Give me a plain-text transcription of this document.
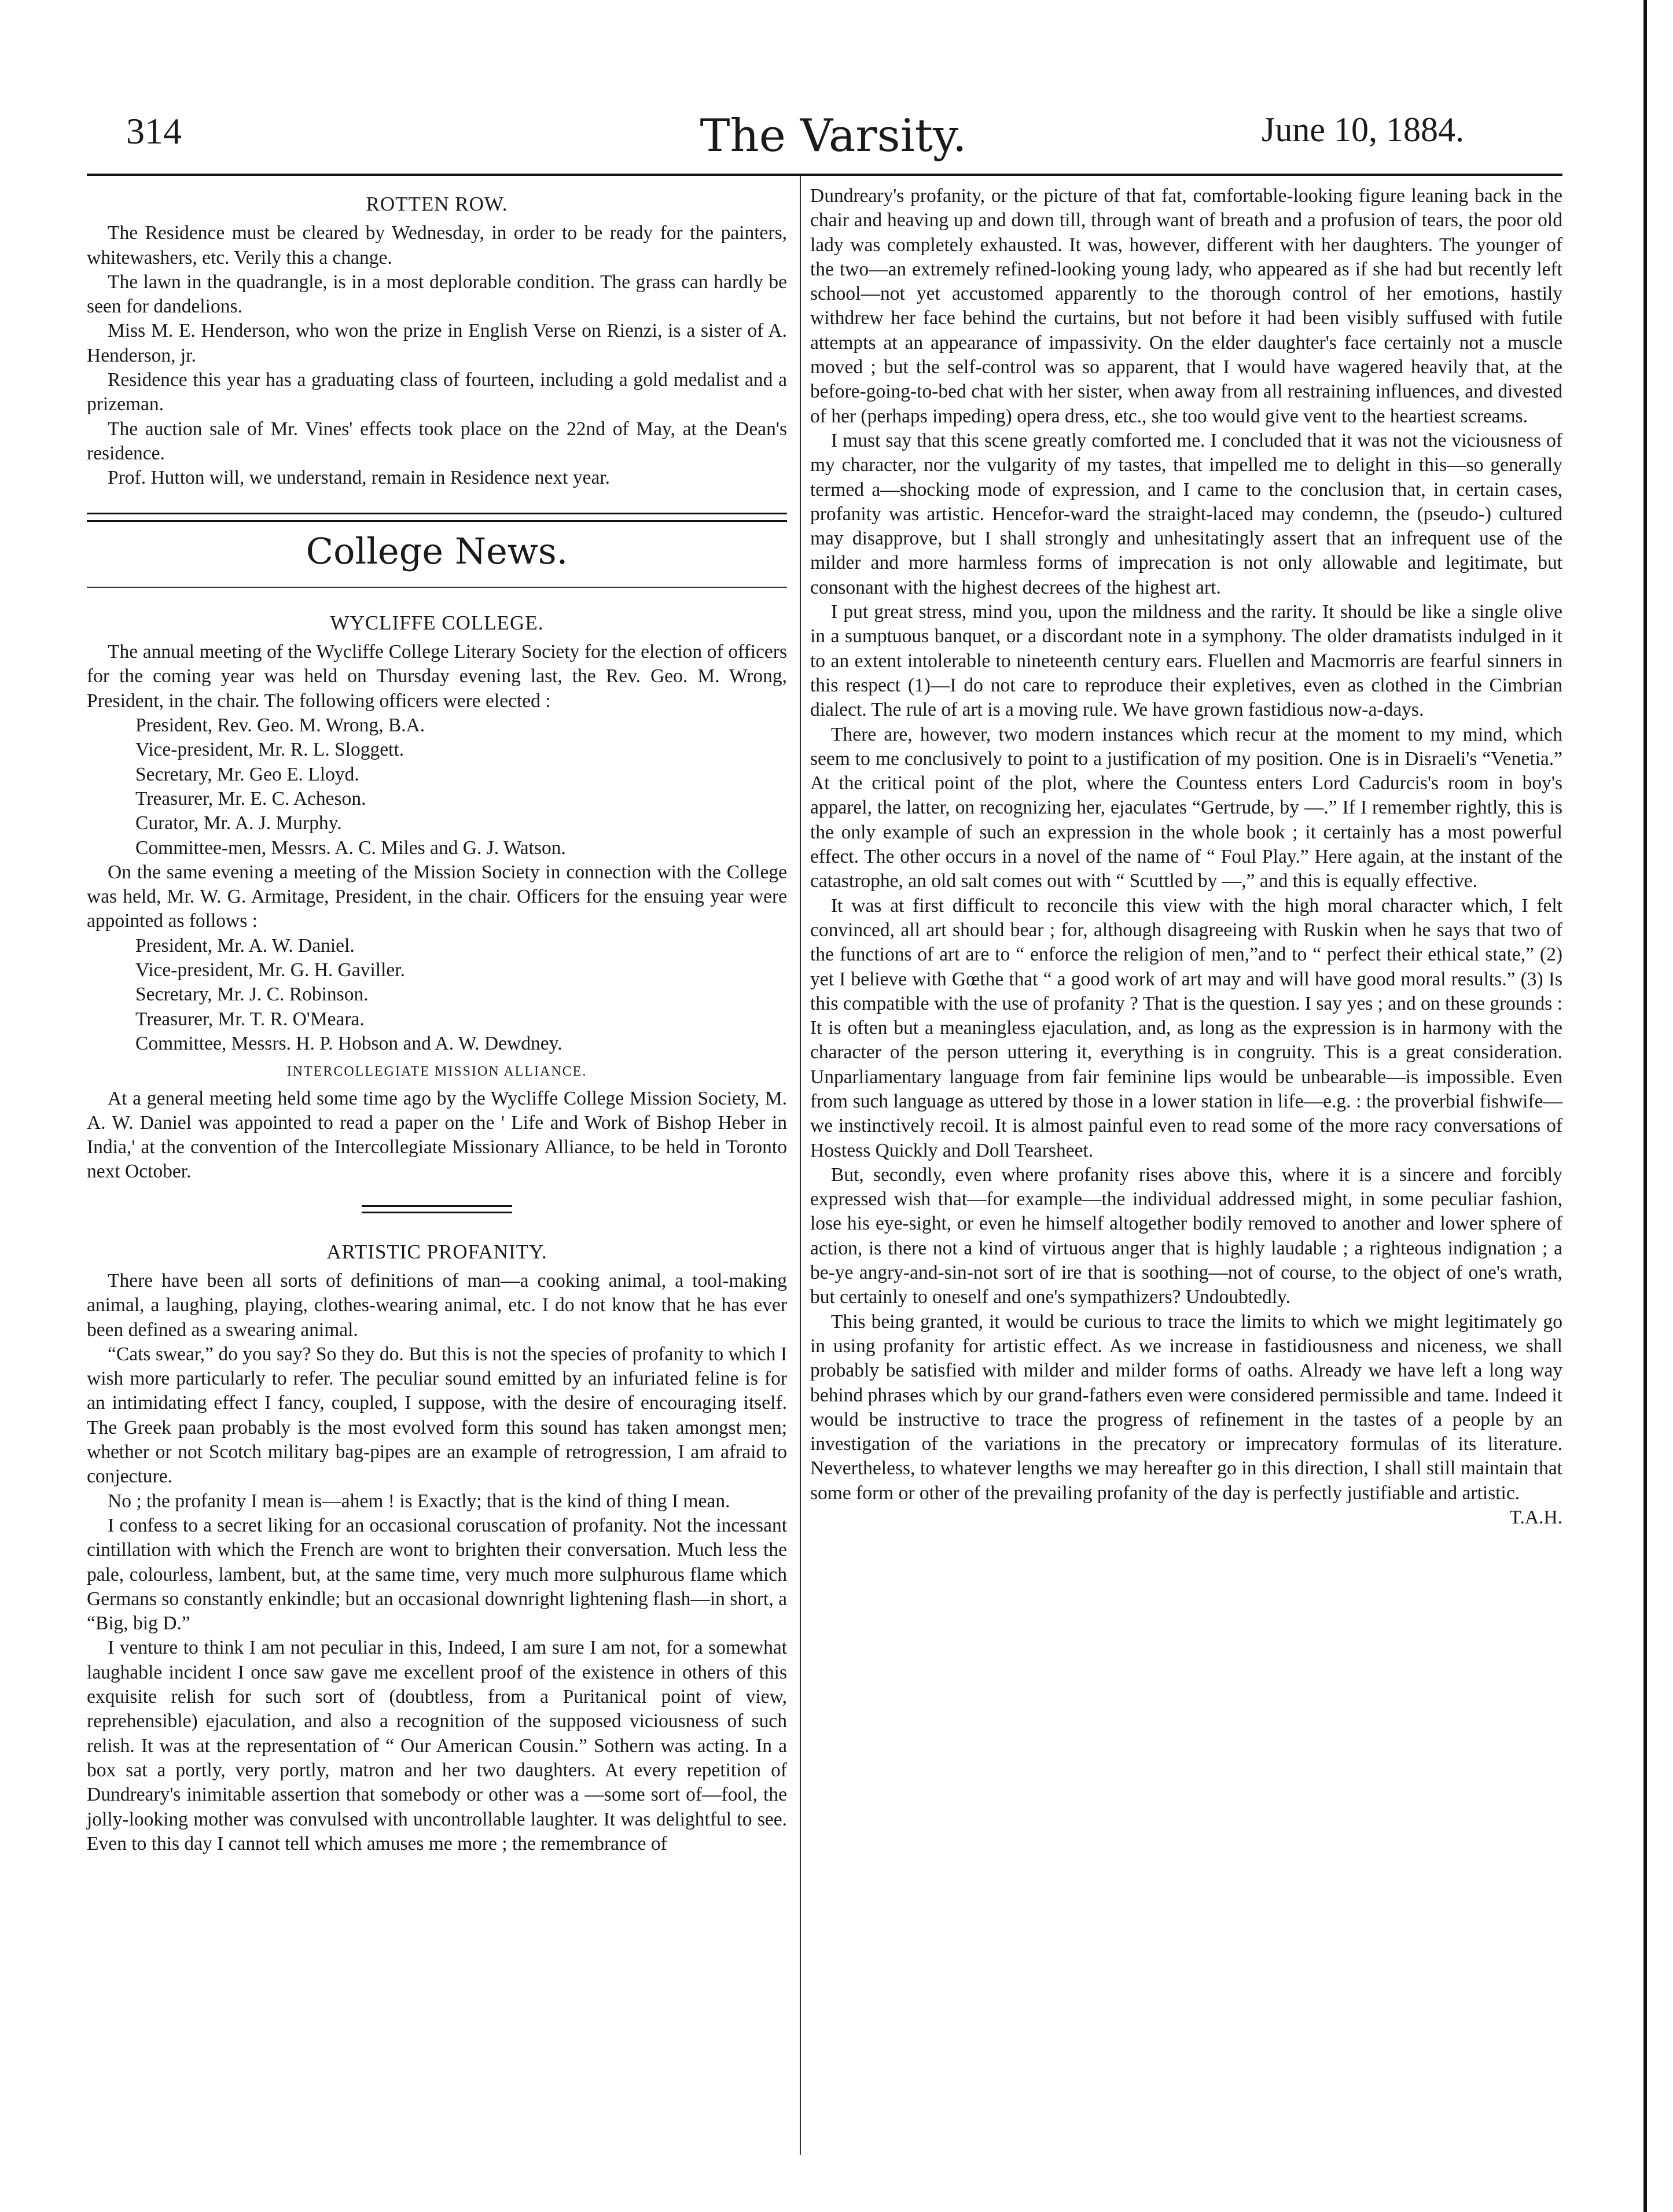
314	The Varsity.	June 10, 1884.
ROTTEN ROW.

The Residence must be cleared by Wednesday, in order to be ready for the painters, whitewashers, etc. Verily this a change.

The lawn in the quadrangle, is in a most deplorable condition. The grass can hardly be seen for dandelions.

Miss M. E. Henderson, who won the prize in English Verse on Rienzi, is a sister of A. Henderson, jr.

Residence this year has a graduating class of fourteen, including a gold medalist and a prizeman.

The auction sale of Mr. Vines' effects took place on the 22nd of May, at the Dean's residence.

Prof. Hutton will, we understand, remain in Residence next year.

College News.
WYCLIFFE COLLEGE.

The annual meeting of the Wycliffe College Literary Society for the election of officers for the coming year was held on Thursday evening last, the Rev. Geo. M. Wrong, President, in the chair. The following officers were elected :

President, Rev. Geo. M. Wrong, B.A.
Vice-president, Mr. R. L. Sloggett.
Secretary, Mr. Geo E. Lloyd.
Treasurer, Mr. E. C. Acheson.
Curator, Mr. A. J. Murphy.
Committee-men, Messrs. A. C. Miles and G. J. Watson.

On the same evening a meeting of the Mission Society in connection with the College was held, Mr. W. G. Armitage, President, in the chair. Officers for the ensuing year were appointed as follows :

President, Mr. A. W. Daniel.
Vice-president, Mr. G. H. Gaviller.
Secretary, Mr. J. C. Robinson.
Treasurer, Mr. T. R. O'Meara.
Committee, Messrs. H. P. Hobson and A. W. Dewdney.
INTERCOLLEGIATE MISSION ALLIANCE.

At a general meeting held some time ago by the Wycliffe College Mission Society, M. A. W. Daniel was appointed to read a paper on the ' Life and Work of Bishop Heber in India,' at the convention of the Intercollegiate Missionary Alliance, to be held in Toronto next October.

ARTISTIC PROFANITY.

There have been all sorts of definitions of man—a cooking animal, a tool-making animal, a laughing, playing, clothes-wearing animal, etc. I do not know that he has ever been defined as a swearing animal.

“Cats swear,” do you say? So they do. But this is not the species of profanity to which I wish more particularly to refer. The peculiar sound emitted by an infuriated feline is for an intimidating effect I fancy, coupled, I suppose, with the desire of encouraging itself. The Greek paan probably is the most evolved form this sound has taken amongst men; whether or not Scotch military bag-pipes are an example of retrogression, I am afraid to conjecture.

No ; the profanity I mean is—ahem ! is Exactly; that is the kind of thing I mean.

I confess to a secret liking for an occasional coruscation of profanity. Not the incessant cintillation with which the French are wont to brighten their conversation. Much less the pale, colourless, lambent, but, at the same time, very much more sulphurous flame which Germans so constantly enkindle; but an occasional downright lightening flash—in short, a “Big, big D.”

I venture to think I am not peculiar in this, Indeed, I am sure I am not, for a somewhat laughable incident I once saw gave me excellent proof of the existence in others of this exquisite relish for such sort of (doubtless, from a Puritanical point of view, reprehensible) ejaculation, and also a recognition of the supposed viciousness of such relish. It was at the representation of “ Our American Cousin.” Sothern was acting. In a box sat a portly, very portly, matron and her two daughters. At every repetition of Dundreary's inimitable assertion that somebody or other was a —some sort of—fool, the jolly-looking mother was convulsed with uncontrollable laughter. It was delightful to see. Even to this day I cannot tell which amuses me more ; the remembrance of

Dundreary's profanity, or the picture of that fat, comfortable-looking figure leaning back in the chair and heaving up and down till, through want of breath and a profusion of tears, the poor old lady was completely exhausted. It was, however, different with her daughters. The younger of the two—an extremely refined-looking young lady, who appeared as if she had but recently left school—not yet accustomed apparently to the thorough control of her emotions, hastily withdrew her face behind the curtains, but not before it had been visibly suffused with futile attempts at an appearance of impassivity. On the elder daughter's face certainly not a muscle moved ; but the self-control was so apparent, that I would have wagered heavily that, at the before-going-to-bed chat with her sister, when away from all restraining influences, and divested of her (perhaps impeding) opera dress, etc., she too would give vent to the heartiest screams.

I must say that this scene greatly comforted me. I concluded that it was not the viciousness of my character, nor the vulgarity of my tastes, that impelled me to delight in this—so generally termed a—shocking mode of expression, and I came to the conclusion that, in certain cases, profanity was artistic. Hencefor-ward the straight-laced may condemn, the (pseudo-) cultured may disapprove, but I shall strongly and unhesitatingly assert that an infrequent use of the milder and more harmless forms of imprecation is not only allowable and legitimate, but consonant with the highest decrees of the highest art.

I put great stress, mind you, upon the mildness and the rarity. It should be like a single olive in a sumptuous banquet, or a discordant note in a symphony. The older dramatists indulged in it to an extent intolerable to nineteenth century ears. Fluellen and Macmorris are fearful sinners in this respect (1)—I do not care to reproduce their expletives, even as clothed in the Cimbrian dialect. The rule of art is a moving rule. We have grown fastidious now-a-days.

There are, however, two modern instances which recur at the moment to my mind, which seem to me conclusively to point to a justification of my position. One is in Disraeli's “Venetia.” At the critical point of the plot, where the Countess enters Lord Cadurcis's room in boy's apparel, the latter, on recognizing her, ejaculates “Gertrude, by —.” If I remember rightly, this is the only example of such an expression in the whole book ; it certainly has a most powerful effect. The other occurs in a novel of the name of “ Foul Play.” Here again, at the instant of the catastrophe, an old salt comes out with “ Scuttled by —,” and this is equally effective.

It was at first difficult to reconcile this view with the high moral character which, I felt convinced, all art should bear ; for, although disagreeing with Ruskin when he says that two of the functions of art are to “ enforce the religion of men,”and to “ perfect their ethical state,” (2) yet I believe with Gœthe that “ a good work of art may and will have good moral results.” (3) Is this compatible with the use of profanity ? That is the question. I say yes ; and on these grounds : It is often but a meaningless ejaculation, and, as long as the expression is in harmony with the character of the person uttering it, everything is in congruity. This is a great consideration. Unparliamentary language from fair feminine lips would be unbearable—is impossible. Even from such language as uttered by those in a lower station in life—e.g. : the proverbial fishwife—we instinctively recoil. It is almost painful even to read some of the more racy conversations of Hostess Quickly and Doll Tearsheet.

But, secondly, even where profanity rises above this, where it is a sincere and forcibly expressed wish that—for example—the individual addressed might, in some peculiar fashion, lose his eye-sight, or even he himself altogether bodily removed to another and lower sphere of action, is there not a kind of virtuous anger that is highly laudable ; a righteous indignation ; a be-ye angry-and-sin-not sort of ire that is soothing—not of course, to the object of one's wrath, but certainly to oneself and one's sympathizers? Undoubtedly.

This being granted, it would be curious to trace the limits to which we might legitimately go in using profanity for artistic effect. As we increase in fastidiousness and niceness, we shall probably be satisfied with milder and milder forms of oaths. Already we have left a long way behind phrases which by our grand-fathers even were considered permissible and tame. Indeed it would be instructive to trace the progress of refinement in the tastes of a people by an investigation of the variations in the precatory or imprecatory formulas of its literature. Nevertheless, to whatever lengths we may hereafter go in this direction, I shall still maintain that some form or other of the prevailing profanity of the day is perfectly justifiable and artistic.

T.A.H.
